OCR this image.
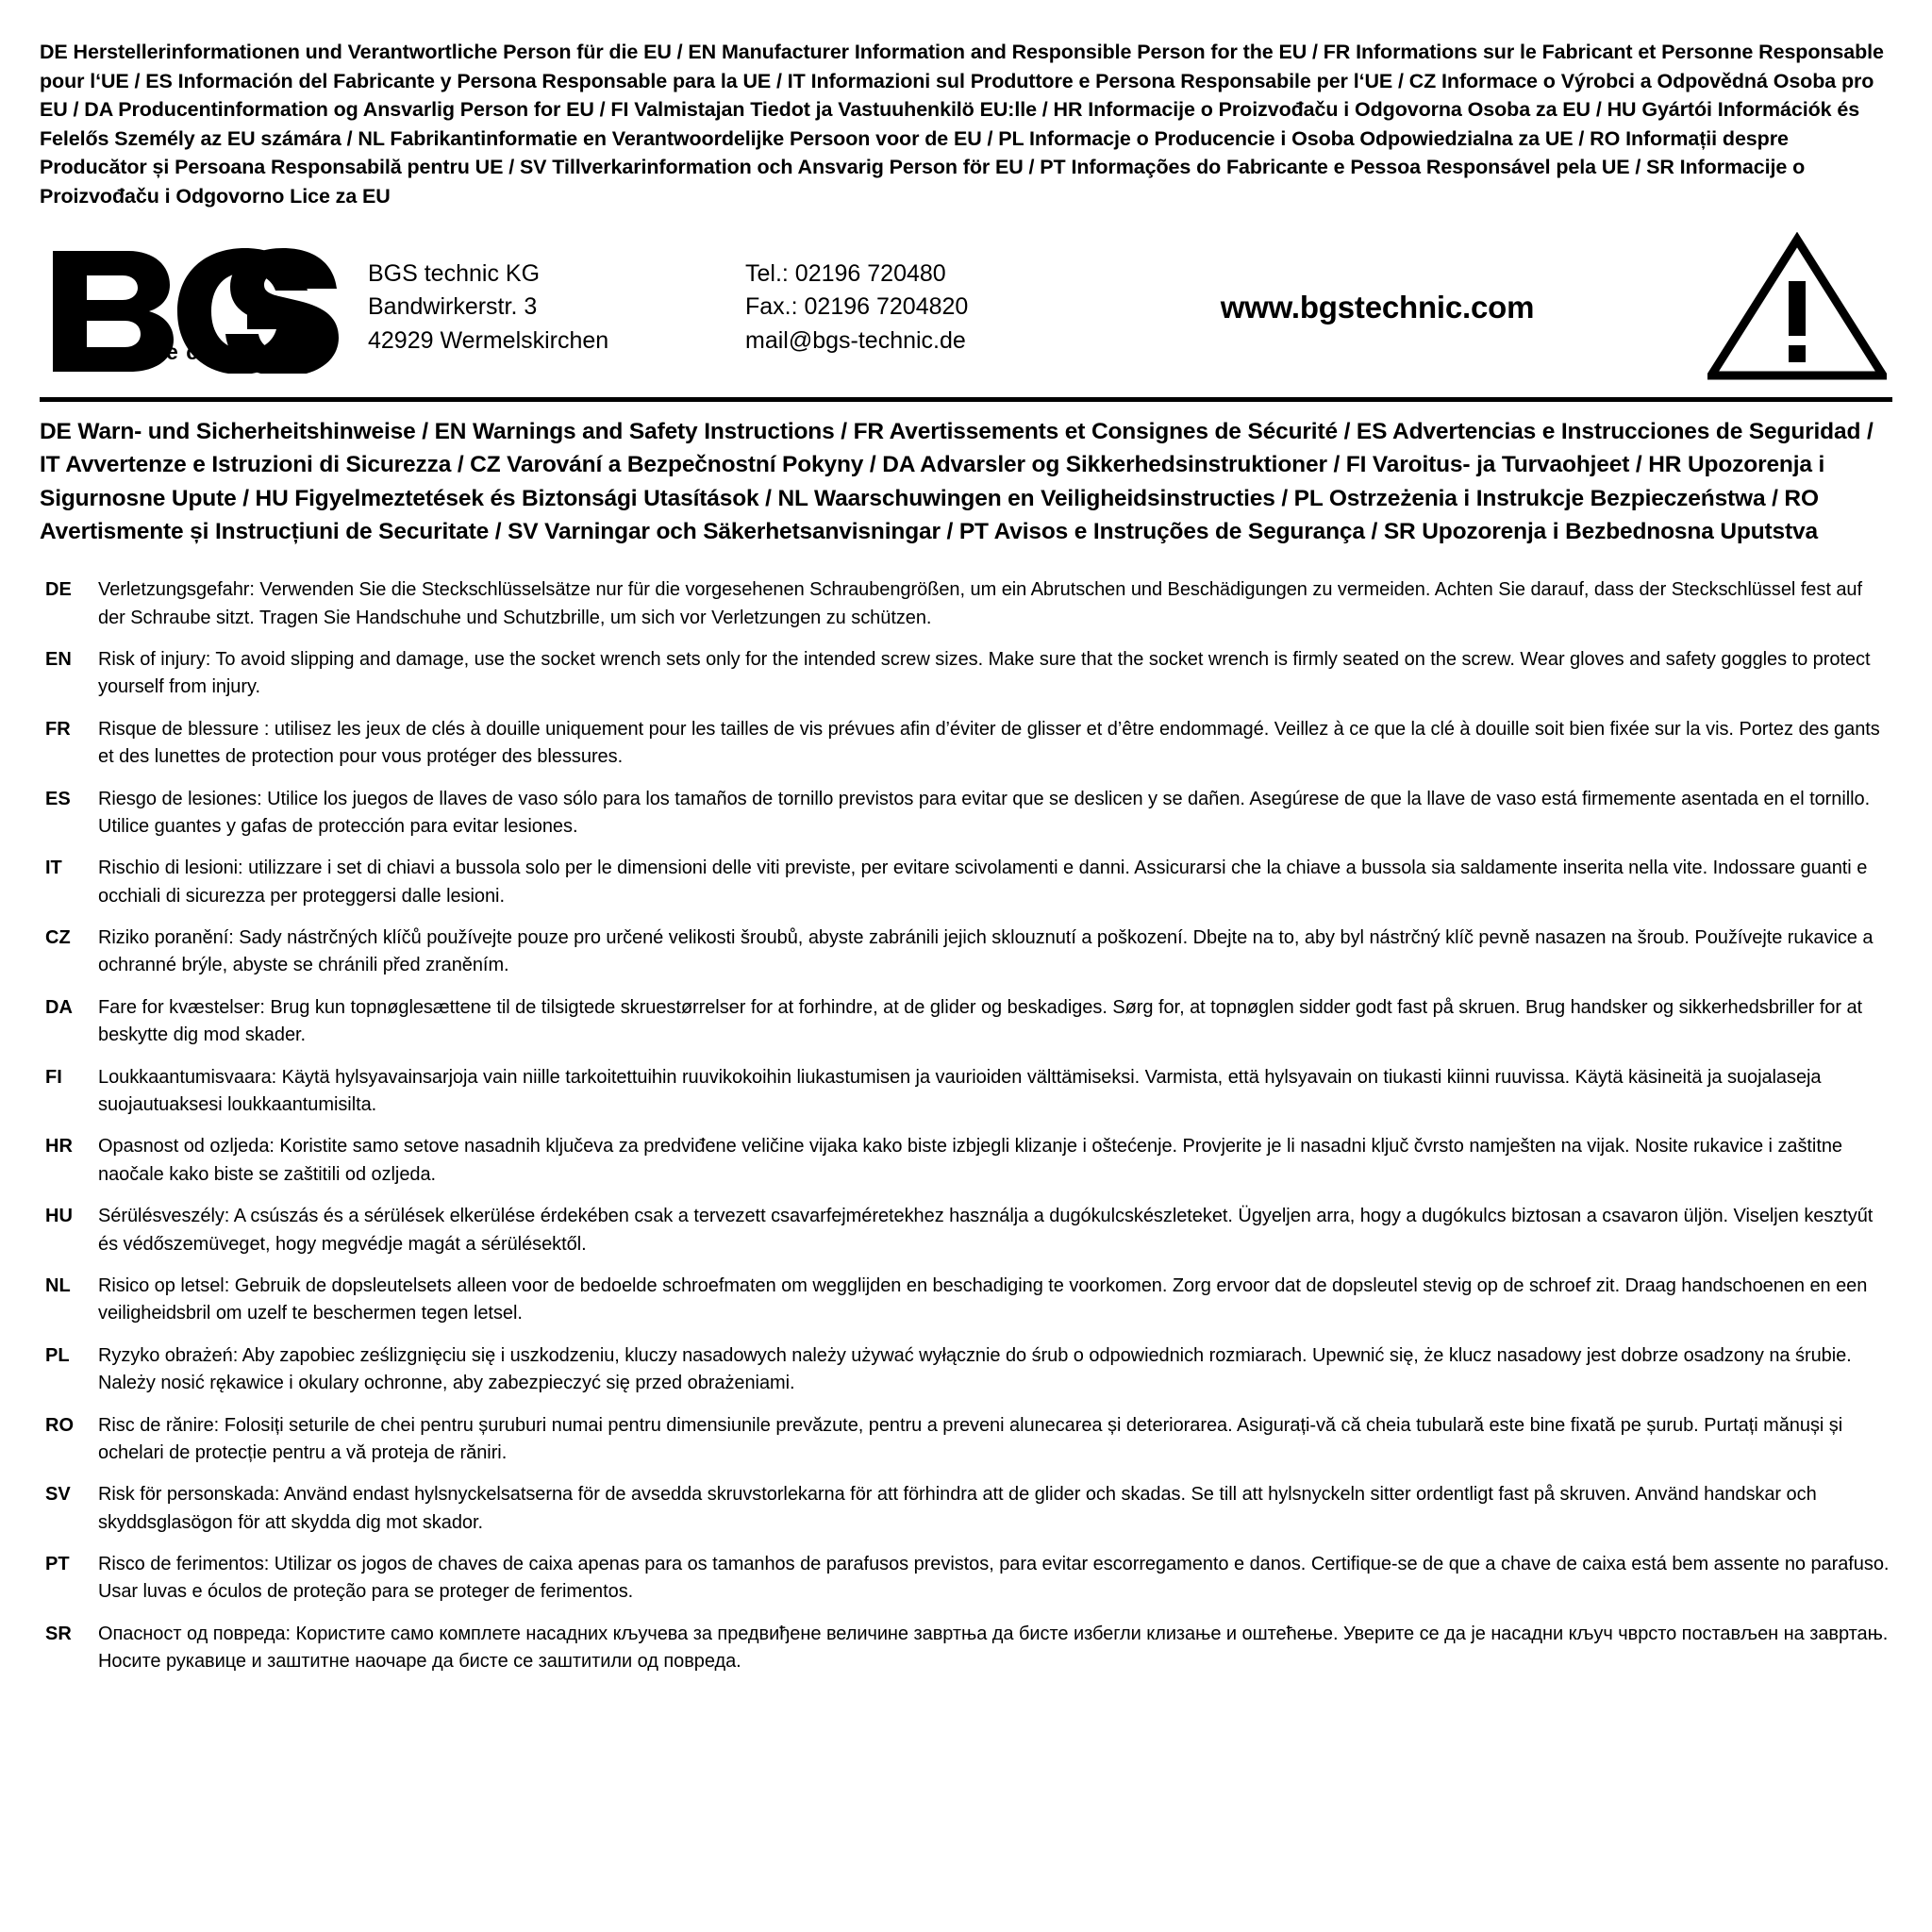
DE Herstellerinformationen und Verantwortliche Person für die EU / EN Manufacturer Information and Responsible Person for the EU / FR Informations sur le Fabricant et Personne Responsable pour l‘UE / ES Información del Fabricante y Persona Responsable para la UE / IT Informazioni sul Produttore e Persona Responsabile per l‘UE / CZ Informace o Výrobci a Odpovědná Osoba pro EU / DA Producentinformation og Ansvarlig Person for EU / FI Valmistajan Tiedot ja Vastuuhenkilö EU:lle / HR Informacije o Proizvođaču i Odgovorna Osoba za EU / HU Gyártói Információk és Felelős Személy az EU számára / NL Fabrikantinformatie en Verantwoordelijke Persoon voor de EU / PL Informacje o Producencie i Osoba Odpowiedzialna za UE / RO Informații despre Producător și Persoana Responsabilă pentru UE / SV Tillverkarinformation och Ansvarig Person för EU / PT Informações do Fabricante e Pessoa Responsável pela UE / SR Informacije o Proizvođaču i Odgovorno Lice za EU
®
t e c h n i c
BGS technic KG
Bandwirkerstr. 3
42929 Wermelskirchen
Tel.: 02196 720480
Fax.: 02196 7204820
mail@bgs-technic.de
www.bgstechnic.com
DE Warn- und Sicherheitshinweise / EN Warnings and Safety Instructions / FR Avertissements et Consignes de Sécurité / ES Advertencias e Instrucciones de Seguridad / IT Avvertenze e Istruzioni di Sicurezza / CZ Varování a Bezpečnostní Pokyny / DA Advarsler og Sikkerhedsinstruktioner / FI Varoitus- ja Turvaohjeet / HR Upozorenja i Sigurnosne Upute / HU Figyelmeztetések és Biztonsági Utasítások / NL Waarschuwingen en Veiligheidsinstructies / PL Ostrzeżenia i Instrukcje Bezpieczeństwa / RO Avertismente și Instrucțiuni de Securitate / SV Varningar och Säkerhetsanvisningar / PT Avisos e Instruções de Segurança / SR Upozorenja i Bezbednosna Uputstva
DE	Verletzungsgefahr: Verwenden Sie die Steckschlüsselsätze nur für die vorgesehenen Schraubengrößen, um ein Abrutschen und Beschädigungen zu vermeiden. Achten Sie darauf, dass der Steckschlüssel fest auf der Schraube sitzt. Tragen Sie Handschuhe und Schutzbrille, um sich vor Verletzungen zu schützen.
EN	Risk of injury: To avoid slipping and damage, use the socket wrench sets only for the intended screw sizes. Make sure that the socket wrench is firmly seated on the screw. Wear gloves and safety goggles to protect yourself from injury.
FR	Risque de blessure : utilisez les jeux de clés à douille uniquement pour les tailles de vis prévues afin d’éviter de glisser et d’être endommagé. Veillez à ce que la clé à douille soit bien fixée sur la vis. Portez des gants et des lunettes de protection pour vous protéger des blessures.
ES	Riesgo de lesiones: Utilice los juegos de llaves de vaso sólo para los tamaños de tornillo previstos para evitar que se deslicen y se dañen. Asegúrese de que la llave de vaso está firmemente asentada en el tornillo. Utilice guantes y gafas de protección para evitar lesiones.
IT	Rischio di lesioni: utilizzare i set di chiavi a bussola solo per le dimensioni delle viti previste, per evitare scivolamenti e danni. Assicurarsi che la chiave a bussola sia saldamente inserita nella vite. Indossare guanti e occhiali di sicurezza per proteggersi dalle lesioni.
CZ	Riziko poranění: Sady nástrčných klíčů používejte pouze pro určené velikosti šroubů, abyste zabránili jejich sklouznutí a poškození. Dbejte na to, aby byl nástrčný klíč pevně nasazen na šroub. Používejte rukavice a ochranné brýle, abyste se chránili před zraněním.
DA	Fare for kvæstelser: Brug kun topnøglesættene til de tilsigtede skruestørrelser for at forhindre, at de glider og beskadiges. Sørg for, at topnøglen sidder godt fast på skruen. Brug handsker og sikkerhedsbriller for at beskytte dig mod skader.
FI	Loukkaantumisvaara: Käytä hylsyavainsarjoja vain niille tarkoitettuihin ruuvikokoihin liukastumisen ja vaurioiden välttämiseksi. Varmista, että hylsyavain on tiukasti kiinni ruuvissa. Käytä käsineitä ja suojalaseja suojautuaksesi loukkaantumisilta.
HR	Opasnost od ozljeda: Koristite samo setove nasadnih ključeva za predviđene veličine vijaka kako biste izbjegli klizanje i oštećenje. Provjerite je li nasadni ključ čvrsto namješten na vijak. Nosite rukavice i zaštitne naočale kako biste se zaštitili od ozljeda.
HU	Sérülésveszély: A csúszás és a sérülések elkerülése érdekében csak a tervezett csavarfejméretekhez használja a dugókulcskészleteket. Ügyeljen arra, hogy a dugókulcs biztosan a csavaron üljön. Viseljen kesztyűt és védőszemüveget, hogy megvédje magát a sérülésektől.
NL	Risico op letsel: Gebruik de dopsleutelsets alleen voor de bedoelde schroefmaten om wegglijden en beschadiging te voorkomen. Zorg ervoor dat de dopsleutel stevig op de schroef zit. Draag handschoenen en een veiligheidsbril om uzelf te beschermen tegen letsel.
PL	Ryzyko obrażeń: Aby zapobiec ześlizgnięciu się i uszkodzeniu, kluczy nasadowych należy używać wyłącznie do śrub o odpowiednich rozmiarach. Upewnić się, że klucz nasadowy jest dobrze osadzony na śrubie. Należy nosić rękawice i okulary ochronne, aby zabezpieczyć się przed obrażeniami.
RO	Risc de rănire: Folosiți seturile de chei pentru șuruburi numai pentru dimensiunile prevăzute, pentru a preveni alunecarea și deteriorarea. Asigurați-vă că cheia tubulară este bine fixată pe șurub. Purtați mănuși și ochelari de protecție pentru a vă proteja de răniri.
SV	Risk för personskada: Använd endast hylsnyckelsatserna för de avsedda skruvstorlekarna för att förhindra att de glider och skadas. Se till att hylsnyckeln sitter ordentligt fast på skruven. Använd handskar och skyddsglasögon för att skydda dig mot skador.
PT	Risco de ferimentos: Utilizar os jogos de chaves de caixa apenas para os tamanhos de parafusos previstos, para evitar escorregamento e danos. Certifique-se de que a chave de caixa está bem assente no parafuso. Usar luvas e óculos de proteção para se proteger de ferimentos.
SR	Опасност од повреда: Користите само комплете насадних кључева за предвиђене величине завртња да бисте избегли клизање и оштећење. Уверите се да је насадни кључ чврсто постављен на завртањ. Носите рукавице и заштитне наочаре да бисте се заштитили од повреда.
